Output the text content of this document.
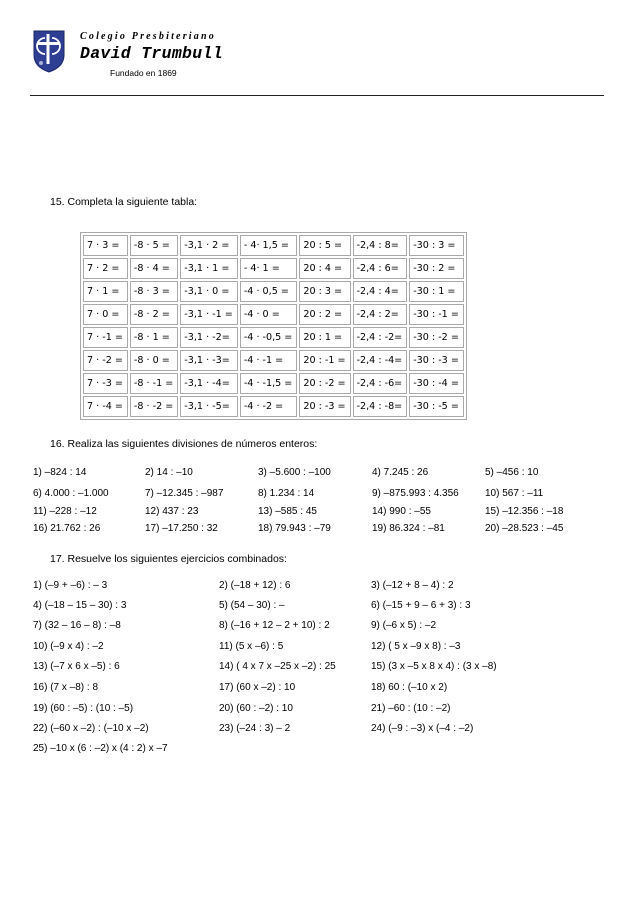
Colegio Presbiteriano
David Trumbull
Fundado en 1869
15. Completa la siguiente tabla:
7 · 3 =	-8 · 5 =	-3,1 · 2 =	- 4· 1,5 =	20 : 5 =	-2,4 : 8=	-30 : 3 =
7 · 2 =	-8 · 4 =	-3,1 · 1 =	- 4· 1 =	20 : 4 =	-2,4 : 6=	-30 : 2 =
7 · 1 =	-8 · 3 =	-3,1 · 0 =	-4 · 0,5 =	20 : 3 =	-2,4 : 4=	-30 : 1 =
7 · 0 =	-8 · 2 =	-3,1 · -1 =	-4 · 0 =	20 : 2 =	-2,4 : 2=	-30 : -1 =
7 · -1 =	-8 · 1 =	-3,1 · -2=	-4 · -0,5 =	20 : 1 =	-2,4 : -2=	-30 : -2 =
7 · -2 =	-8 · 0 =	-3,1 · -3=	-4 · -1 =	20 : -1 =	-2,4 : -4=	-30 : -3 =
7 · -3 =	-8 · -1 =	-3,1 · -4=	-4 · -1,5 =	20 : -2 =	-2,4 : -6=	-30 : -4 =
7 · -4 =	-8 · -2 =	-3,1 · -5=	-4 · -2 =	20 : -3 =	-2,4 : -8=	-30 : -5 =
16. Realiza las siguientes divisiones de números enteros:
1) –824 : 14	2) 14 : –10	3) –5.600 : –100	4) 7.245 : 26	5) –456 : 10
6) 4.000 : –1.000	7) –12.345 : –987	8) 1.234 : 14	9) –875.993 : 4.356	10) 567 : –11
11) –228 : –12	12) 437 : 23	13) –585 : 45	14) 990 : –55	15) –12.356 : –18
16) 21.762 : 26	17) –17.250 : 32	18) 79.943 : –79	19) 86.324 : –81	20) –28.523 : –45
17. Resuelve los siguientes ejercicios combinados:
1) (–9 + –6) : – 3	2) (–18 + 12) : 6	3) (–12 + 8 – 4) : 2
4) (–18 – 15 – 30) : 3	5) (54 – 30) : –	6) (–15 + 9 – 6 + 3) : 3
7) (32 – 16 – 8) : –8	8) (–16 + 12 – 2 + 10) : 2	9) (–6 x 5) : –2
10) (–9 x 4) : –2	11) (5 x –6) : 5	12) ( 5 x –9 x 8) : –3
13) (–7 x 6 x –5) : 6	14) ( 4 x 7 x –25 x –2) : 25	15) (3 x –5 x 8 x 4) : (3 x –8)
16) (7 x –8) : 8	17) (60 x –2) : 10	18) 60 : (–10 x 2)
19) (60 : –5) : (10 : –5)	20) (60 : –2) : 10	21) –60 : (10 : –2)
22) (–60 x –2) : (–10 x –2)	23) (–24 : 3) – 2	24) (–9 : –3) x (–4 : –2)
25) –10 x (6 : –2) x (4 : 2) x –7
